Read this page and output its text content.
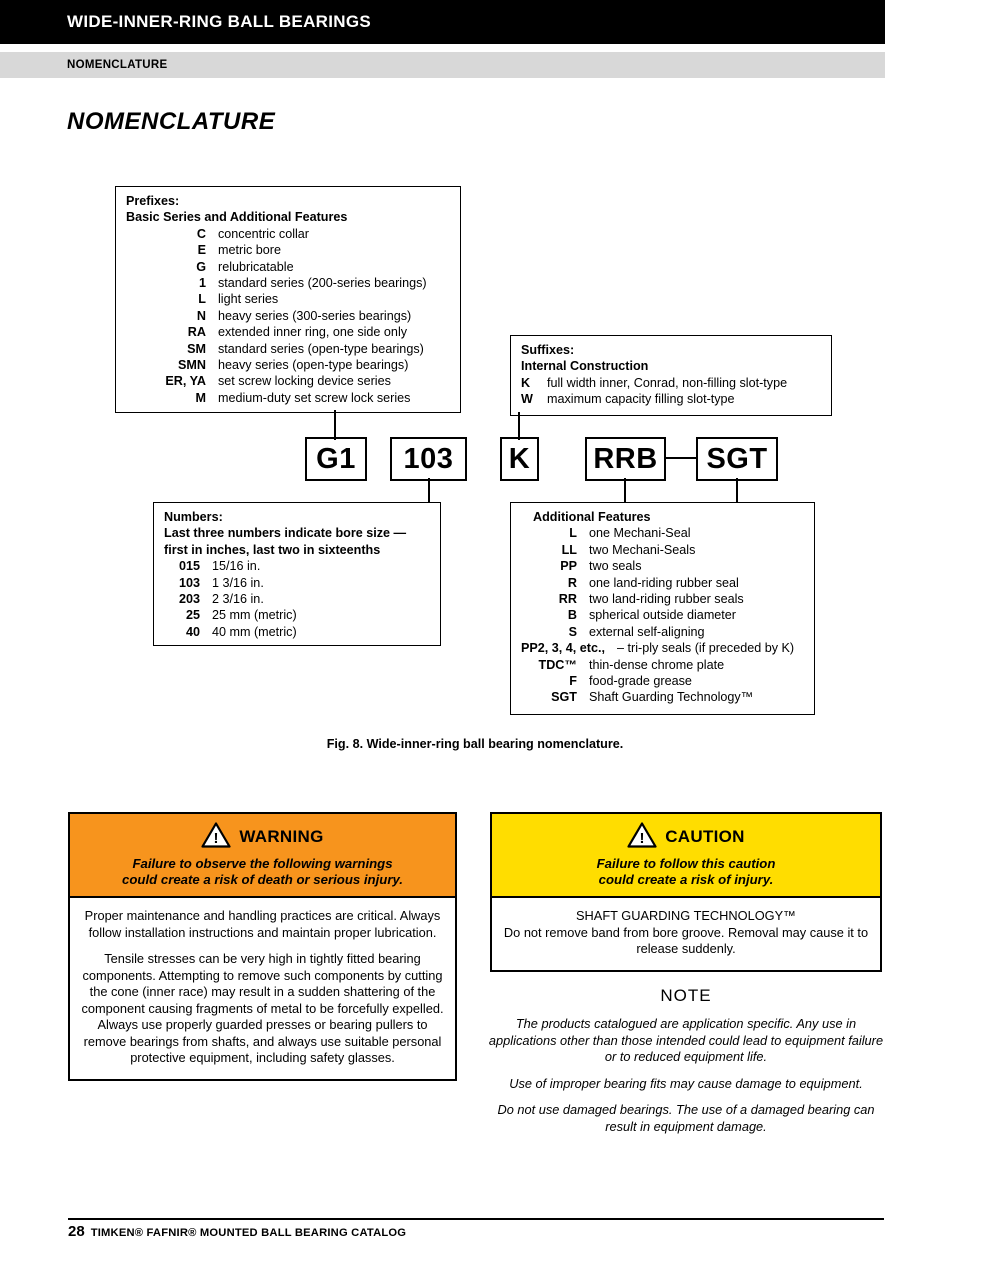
WIDE-INNER-RING BALL BEARINGS
NOMENCLATURE
NOMENCLATURE
Prefixes:
Basic Series and Additional Features
C concentric collar
E metric bore
G relubricatable
1 standard series (200-series bearings)
L light series
N heavy series (300-series bearings)
RA extended inner ring, one side only
SM standard series (open-type bearings)
SMN heavy series (open-type bearings)
ER, YA set screw locking device series
M medium-duty set screw lock series
Suffixes:
Internal Construction
K	full width inner, Conrad, non-filling slot-type
W maximum capacity filling slot-type
G1	103	K	RRB	SGT
Numbers:
Last three numbers indicate bore size —
first in inches, last two in sixteenths
015 15/16 in.
103 1 3/16 in.
203 2 3/16 in.
25 25 mm (metric)
40 40 mm (metric)
Additional Features
L one Mechani-Seal
LL two Mechani-Seals
PP two seals
R one land-riding rubber seal
RR two land-riding rubber seals
B spherical outside diameter
S external self-aligning
PP2, 3, 4, etc., – tri-ply seals (if preceded by K)
TDC™ thin-dense chrome plate
F food-grade grease
SGT Shaft Guarding Technology™
Fig. 8. Wide-inner-ring ball bearing nomenclature.
! WARNING
Failure to observe the following warnings
could create a risk of death or serious injury.

Proper maintenance and handling practices are critical. Always follow installation instructions and maintain proper lubrication.

Tensile stresses can be very high in tightly fitted bearing components. Attempting to remove such components by cutting the cone (inner race) may result in a sudden shattering of the component causing fragments of metal to be forcefully expelled. Always use properly guarded presses or bearing pullers to remove bearings from shafts, and always use suitable personal protective equipment, including safety glasses.

! CAUTION
Failure to follow this caution
could create a risk of injury.
SHAFT GUARDING TECHNOLOGY™
Do not remove band from bore groove. Removal may cause it to release suddenly.
NOTE

The products catalogued are application specific. Any use in applications other than those intended could lead to equipment failure or to reduced equipment life.

Use of improper bearing fits may cause damage to equipment.

Do not use damaged bearings. The use of a damaged bearing can result in equipment damage.

28 TIMKEN® FAFNIR® MOUNTED BALL BEARING CATALOG
